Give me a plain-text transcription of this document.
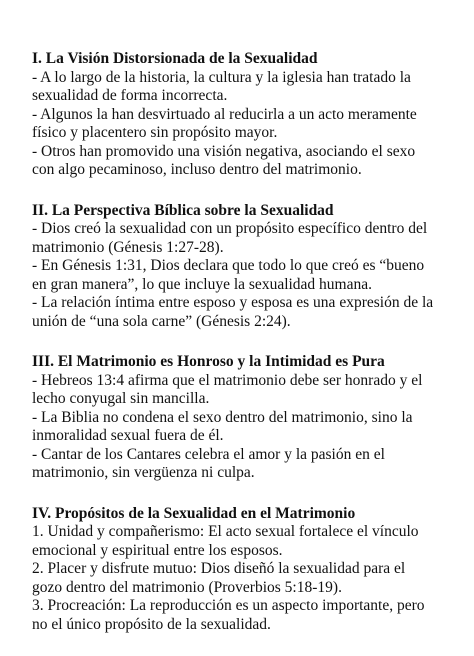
I. La Visión Distorsionada de la Sexualidad

- A lo largo de la historia, la cultura y la iglesia han tratado la

sexualidad de forma incorrecta.

- Algunos la han desvirtuado al reducirla a un acto meramente

físico y placentero sin propósito mayor.

- Otros han promovido una visión negativa, asociando el sexo

con algo pecaminoso, incluso dentro del matrimonio.

II. La Perspectiva Bíblica sobre la Sexualidad

- Dios creó la sexualidad con un propósito específico dentro del

matrimonio (Génesis 1:27-28).

- En Génesis 1:31, Dios declara que todo lo que creó es “bueno

en gran manera”, lo que incluye la sexualidad humana.

- La relación íntima entre esposo y esposa es una expresión de la

unión de “una sola carne” (Génesis 2:24).

III. El Matrimonio es Honroso y la Intimidad es Pura

- Hebreos 13:4 afirma que el matrimonio debe ser honrado y el

lecho conyugal sin mancilla.

- La Biblia no condena el sexo dentro del matrimonio, sino la

inmoralidad sexual fuera de él.

- Cantar de los Cantares celebra el amor y la pasión en el

matrimonio, sin vergüenza ni culpa.

IV. Propósitos de la Sexualidad en el Matrimonio

1. Unidad y compañerismo: El acto sexual fortalece el vínculo

emocional y espiritual entre los esposos.

2. Placer y disfrute mutuo: Dios diseñó la sexualidad para el

gozo dentro del matrimonio (Proverbios 5:18-19).

3. Procreación: La reproducción es un aspecto importante, pero

no el único propósito de la sexualidad.
